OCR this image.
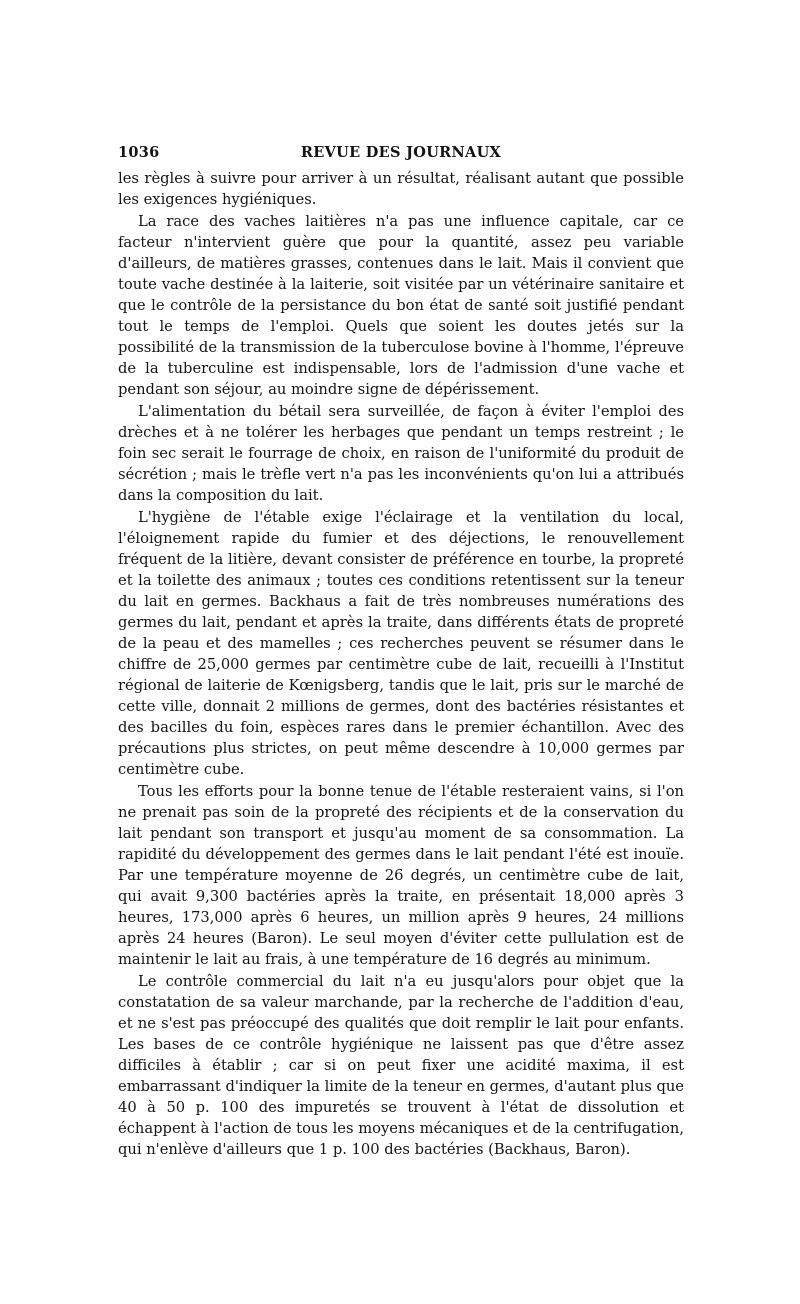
1036	REVUE DES JOURNAUX

les règles à suivre pour arriver à un résultat, réalisant autant que possible les exigences hygiéniques.

La race des vaches laitières n'a pas une influence capitale, car ce facteur n'intervient guère que pour la quantité, assez peu variable d'ailleurs, de matières grasses, contenues dans le lait. Mais il convient que toute vache destinée à la laiterie, soit visitée par un vétérinaire sanitaire et que le contrôle de la persistance du bon état de santé soit justifié pendant tout le temps de l'emploi. Quels que soient les doutes jetés sur la possibilité de la transmission de la tuberculose bovine à l'homme, l'épreuve de la tuberculine est indispensable, lors de l'admission d'une vache et pendant son séjour, au moindre signe de dépérissement.

L'alimentation du bétail sera surveillée, de façon à éviter l'emploi des drèches et à ne tolérer les herbages que pendant un temps restreint ; le foin sec serait le fourrage de choix, en raison de l'uniformité du produit de sécrétion ; mais le trèfle vert n'a pas les inconvénients qu'on lui a attribués dans la composition du lait.

L'hygiène de l'étable exige l'éclairage et la ventilation du local, l'éloignement rapide du fumier et des déjections, le renouvellement fréquent de la litière, devant consister de préférence en tourbe, la propreté et la toilette des animaux ; toutes ces conditions retentissent sur la teneur du lait en germes. Backhaus a fait de très nombreuses numérations des germes du lait, pendant et après la traite, dans différents états de propreté de la peau et des mamelles ; ces recherches peuvent se résumer dans le chiffre de 25,000 germes par centimètre cube de lait, recueilli à l'Institut régional de laiterie de Kœnigsberg, tandis que le lait, pris sur le marché de cette ville, donnait 2 millions de germes, dont des bactéries résistantes et des bacilles du foin, espèces rares dans le premier échantillon. Avec des précautions plus strictes, on peut même descendre à 10,000 germes par centimètre cube.

Tous les efforts pour la bonne tenue de l'étable resteraient vains, si l'on ne prenait pas soin de la propreté des récipients et de la conservation du lait pendant son transport et jusqu'au moment de sa consommation. La rapidité du développement des germes dans le lait pendant l'été est inouïe. Par une température moyenne de 26 degrés, un centimètre cube de lait, qui avait 9,300 bactéries après la traite, en présentait 18,000 après 3 heures, 173,000 après 6 heures, un million après 9 heures, 24 millions après 24 heures (Baron). Le seul moyen d'éviter cette pullulation est de maintenir le lait au frais, à une température de 16 degrés au minimum.

Le contrôle commercial du lait n'a eu jusqu'alors pour objet que la constatation de sa valeur marchande, par la recherche de l'addition d'eau, et ne s'est pas préoccupé des qualités que doit remplir le lait pour enfants. Les bases de ce contrôle hygiénique ne laissent pas que d'être assez difficiles à établir ; car si on peut fixer une acidité maxima, il est embarrassant d'indiquer la limite de la teneur en germes, d'autant plus que 40 à 50 p. 100 des impuretés se trouvent à l'état de dissolution et échappent à l'action de tous les moyens mécaniques et de la centrifugation, qui n'enlève d'ailleurs que 1 p. 100 des bactéries (Backhaus, Baron).
